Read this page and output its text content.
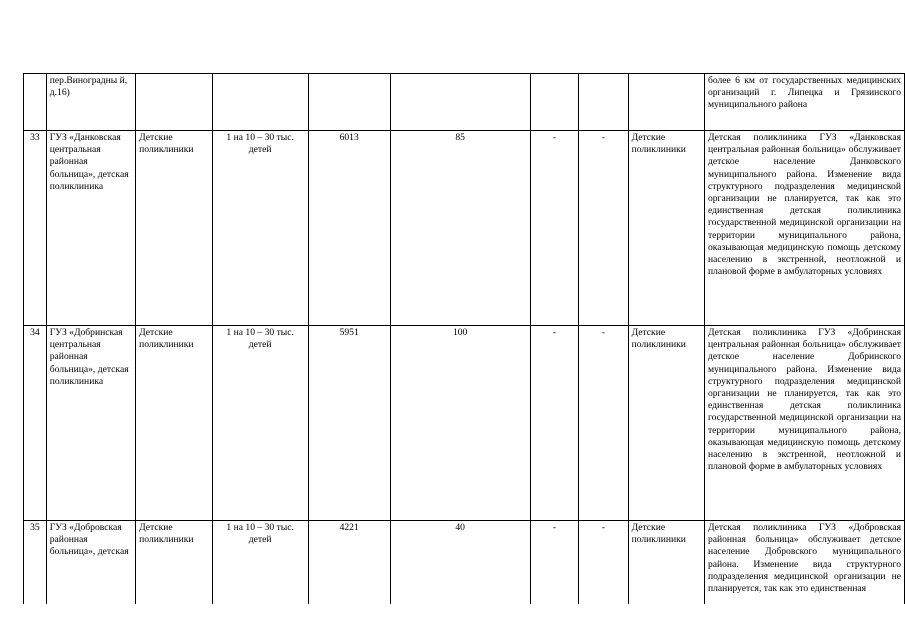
	пер.Виноградны й, д.16)								более 6 км от государственных медицинских организаций г. Липецка и Грязинского муниципального района
33	ГУЗ «Данковская центральная районная больница», детская поликлиника	Детские поликлиники	1 на 10 – 30 тыс. детей	6013	85	-	-	Детские поликлиники	Детская поликлиника ГУЗ «Данковская центральная районная больница» обслуживает детское население Данковского муниципального района. Изменение вида структурного подразделения медицинской организации не планируется, так как это единственная детская поликлиника государственной медицинской организации на территории муниципального района, оказывающая медицинскую помощь детскому населению в экстренной, неотложной и плановой форме в амбулаторных условиях
34	ГУЗ «Добринская центральная районная больница», детская поликлиника	Детские поликлиники	1 на 10 – 30 тыс. детей	5951	100	-	-	Детские поликлиники	Детская поликлиника ГУЗ «Добринская центральная районная больница» обслуживает детское население Добринского муниципального района. Изменение вида структурного подразделения медицинской организации не планируется, так как это единственная детская поликлиника государственной медицинской организации на территории муниципального района, оказывающая медицинскую помощь детскому населению в экстренной, неотложной и плановой форме в амбулаторных условиях
35	ГУЗ «Добровская районная больница», детская	Детские поликлиники	1 на 10 – 30 тыс. детей	4221	40	-	-	Детские поликлиники	Детская поликлиника ГУЗ «Добровская районная больница» обслуживает детское население Добровского муниципального района. Изменение вида структурного подразделения медицинской организации не планируется, так как это единственная
